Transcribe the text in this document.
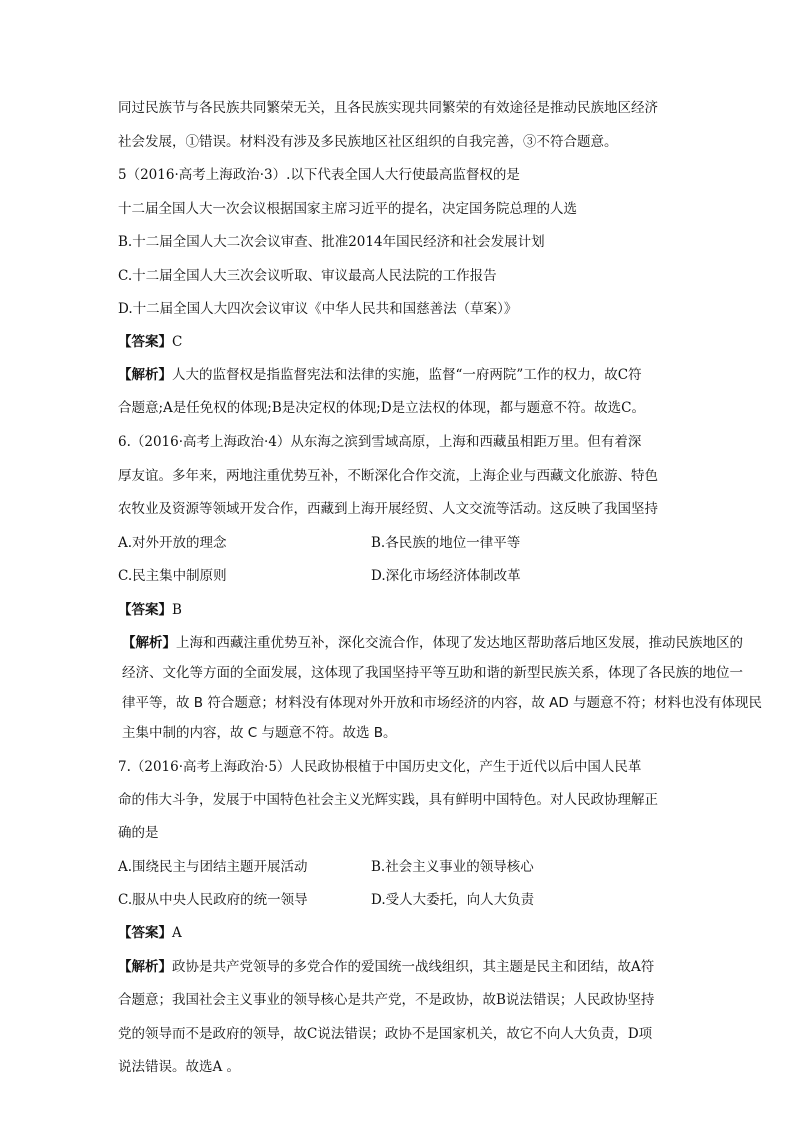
同过民族节与各民族共同繁荣无关，且各民族实现共同繁荣的有效途径是推动民族地区经济
社会发展，①错误。材料没有涉及多民族地区社区组织的自我完善，③不符合题意。
5（2016·高考上海政治·3）.以下代表全国人大行使最高监督权的是
十二届全国人大一次会议根据国家主席习近平的提名，决定国务院总理的人选
B.十二届全国人大二次会议审查、批准2014年国民经济和社会发展计划
C.十二届全国人大三次会议听取、审议最高人民法院的工作报告
D.十二届全国人大四次会议审议《中华人民共和国慈善法（草案）》
【答案】C
【解析】人大的监督权是指监督宪法和法律的实施，监督“一府两院”工作的权力，故C符
合题意;A是任免权的体现;B是决定权的体现;D是立法权的体现，都与题意不符。故选C。
6.（2016·高考上海政治·4）从东海之滨到雪域高原，上海和西藏虽相距万里。但有着深
厚友谊。多年来，两地注重优势互补，不断深化合作交流，上海企业与西藏文化旅游、特色
农牧业及资源等领域开发合作，西藏到上海开展经贸、人文交流等活动。这反映了我国坚持
A.对外开放的理念	B.各民族的地位一律平等
C.民主集中制原则	D.深化市场经济体制改革
【答案】B
【解析】上海和西藏注重优势互补，深化交流合作，体现了发达地区帮助落后地区发展，推动民族地区的
经济、文化等方面的全面发展，这体现了我国坚持平等互助和谐的新型民族关系，体现了各民族的地位一
律平等，故 B 符合题意；材料没有体现对外开放和市场经济的内容，故 AD 与题意不符；材料也没有体现民
主集中制的内容，故 C 与题意不符。故选 B。
7.（2016·高考上海政治·5）人民政协根植于中国历史文化，产生于近代以后中国人民革
命的伟大斗争，发展于中国特色社会主义光辉实践，具有鲜明中国特色。对人民政协理解正
确的是
A.围绕民主与团结主题开展活动	B.社会主义事业的领导核心
C.服从中央人民政府的统一领导	D.受人大委托，向人大负责
【答案】A
【解析】政协是共产党领导的多党合作的爱国统一战线组织，其主题是民主和团结，故A符
合题意；我国社会主义事业的领导核心是共产党，不是政协，故B说法错误；人民政协坚持
党的领导而不是政府的领导，故C说法错误；政协不是国家机关，故它不向人大负责，D项
说法错误。故选A 。
